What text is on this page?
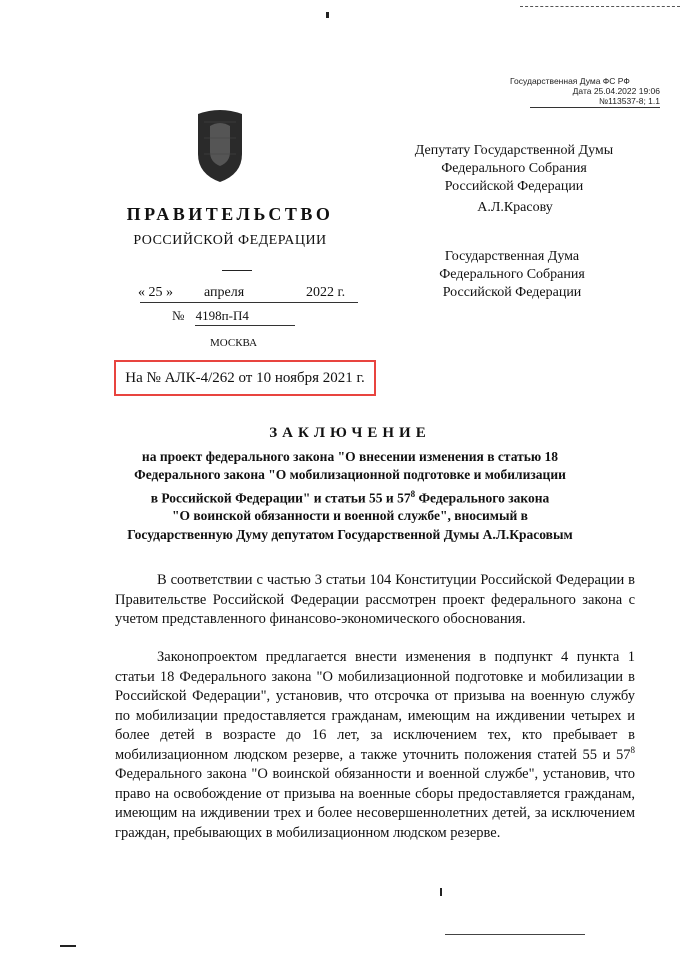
Государственная Дума ФС РФ
Дата 25.04.2022 19:06
№113537-8; 1.1
ПРАВИТЕЛЬСТВО
РОССИЙСКОЙ ФЕДЕРАЦИИ
« 25 » апреля	2022 г.
№ 4198п-П4
МОСКВА
На № АЛК-4/262 от 10 ноября 2021 г.
Депутату Государственной Думы
Федерального Собрания
Российской Федерации
А.Л.Красову
Государственная Дума
Федерального Собрания
Российской Федерации
ЗАКЛЮЧЕНИЕ
на проект федерального закона "О внесении изменения в статью 18
Федерального закона "О мобилизационной подготовке и мобилизации
в Российской Федерации" и статьи 55 и $57^8$ Федерального закона
"О воинской обязанности и военной службе", вносимый в
Государственную Думу депутатом Государственной Думы А.Л.Красовым
В соответствии с частью 3 статьи 104 Конституции Российской Федерации в Правительстве Российской Федерации рассмотрен проект федерального закона с учетом представленного финансово-экономического обоснования.
Законопроектом предлагается внести изменения в подпункт 4 пункта 1 статьи 18 Федерального закона "О мобилизационной подготовке и мобилизации в Российской Федерации", установив, что отсрочка от призыва на военную службу по мобилизации предоставляется гражданам, имеющим на иждивении четырех и более детей в возрасте до 16 лет, за исключением тех, кто пребывает в мобилизационном людском резерве, а также уточнить положения статей 55 и $57^8$ Федерального закона "О воинской обязанности и военной службе", установив, что право на освобождение от призыва на военные сборы предоставляется гражданам, имеющим на иждивении трех и более несовершеннолетних детей, за исключением граждан, пребывающих в мобилизационном людском резерве.
